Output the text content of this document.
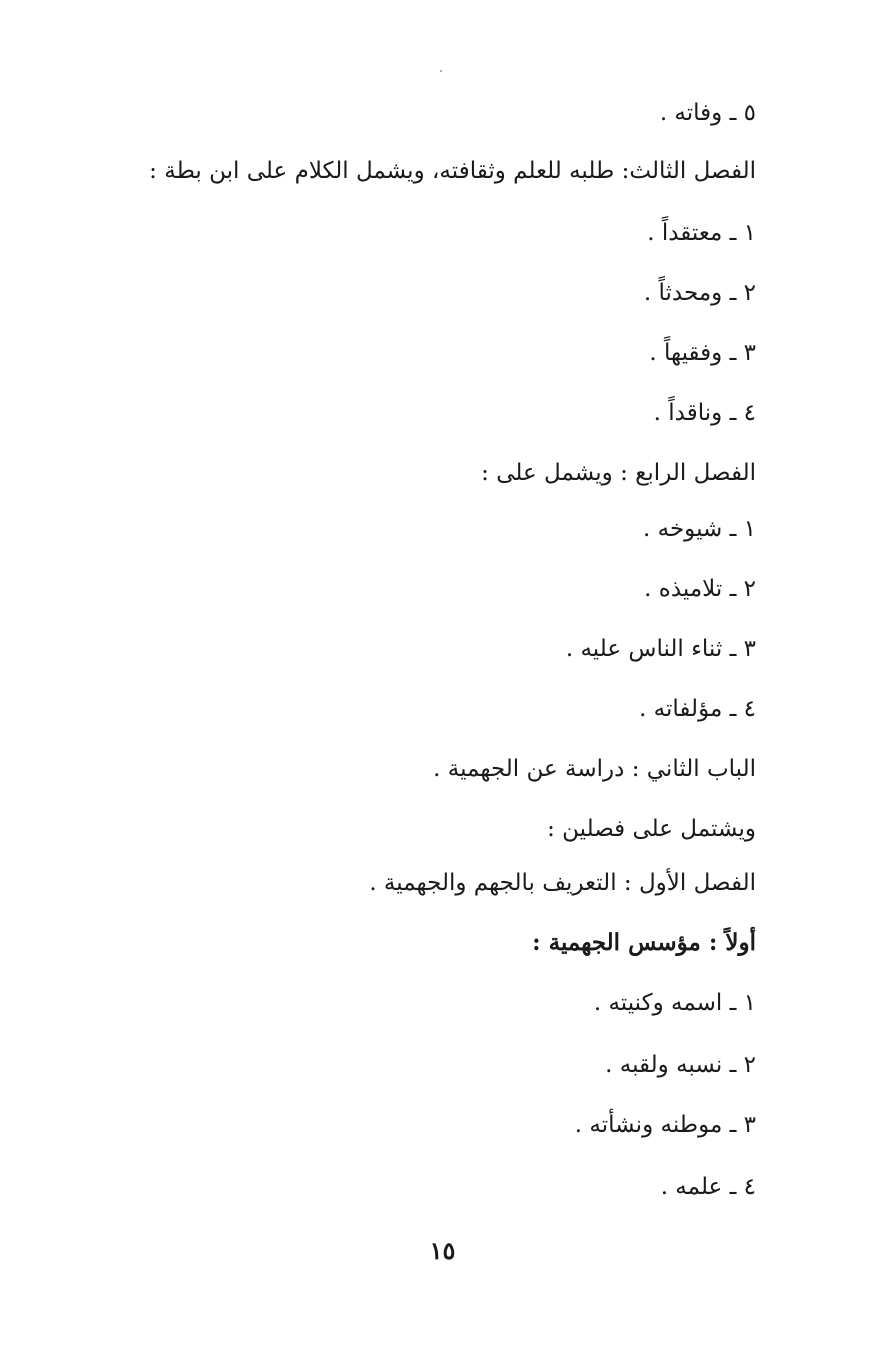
٥ ـ وفاته .
الفصل الثالث: طلبه للعلم وثقافته، ويشمل الكلام على ابن بطة :
١ ـ معتقداً .
٢ ـ ومحدثاً .
٣ ـ وفقيهاً .
٤ ـ وناقداً .
الفصل الرابع : ويشمل على :
١ ـ شيوخه .
٢ ـ تلاميذه .
٣ ـ ثناء الناس عليه .
٤ ـ مؤلفاته .
الباب الثاني : دراسة عن الجهمية .
ويشتمل على فصلين :
الفصل الأول : التعريف بالجهم والجهمية .
أولاً : مؤسس الجهمية :
١ ـ اسمه وكنيته .
٢ ـ نسبه ولقبه .
٣ ـ موطنه ونشأته .
٤ ـ علمه .
١٥
